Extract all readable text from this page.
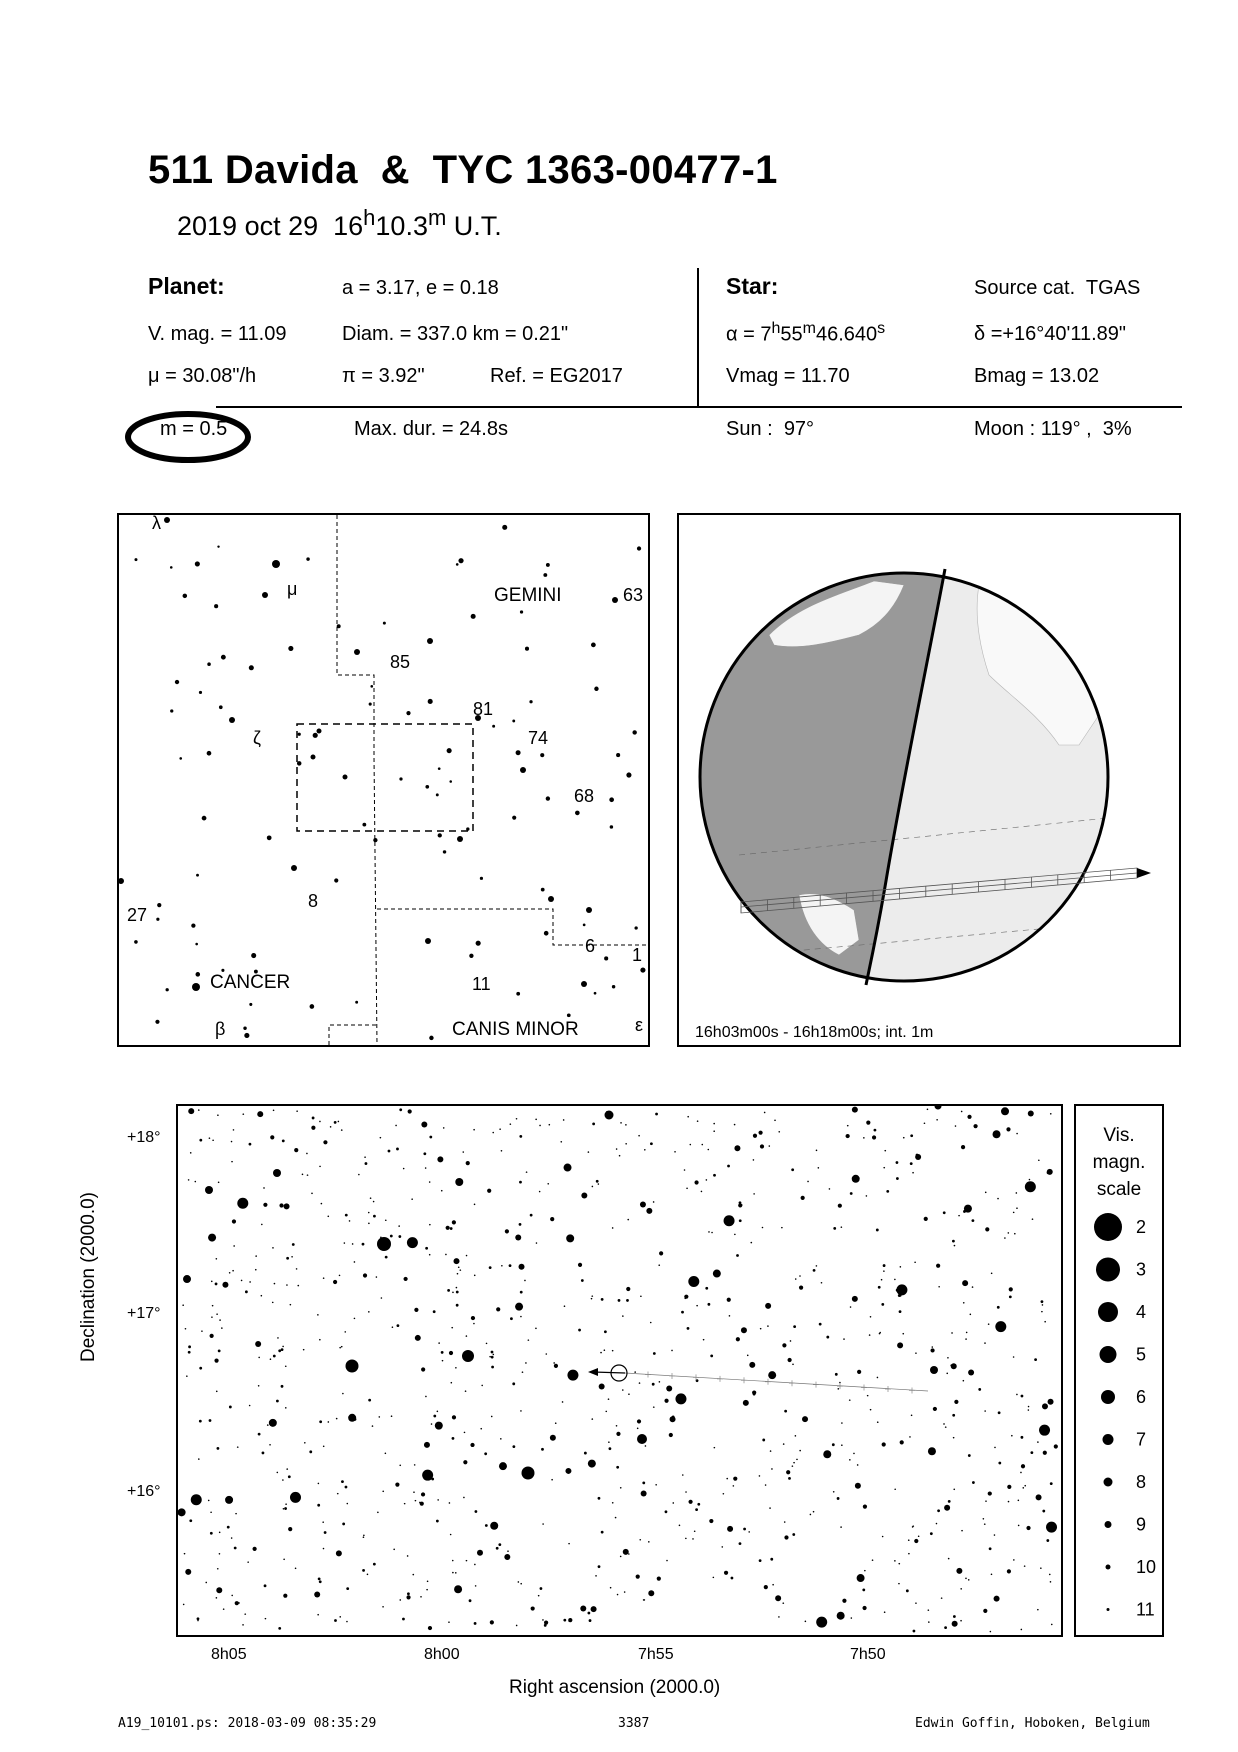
511 Davida  &  TYC 1363-00477-1
2019 oct 29  16$^h$10.3$^m$ U.T.
Planet:	a = 3.17, e = 0.18
V. mag. = 11.09	Diam. = 337.0 km = 0.21"
μ = 30.08"/h	π = 3.92"	Ref. = EG2017
Star:	Source cat.  TGAS
$\alpha = 7^h55^m46.640^s$	δ =+16°40'11.89"
Vmag = 11.70	Bmag = 13.02
m = 0.5	Max. dur. = 24.8s	Sun :  97°	Moon : 119° ,  3%
λ
μ	63
85
81
74
ζ
68
8
27
6 1
11
β	ε
GEMINI
CANCER
CANIS MINOR	16h03m00s - 16h18m00s; int. 1m

Declination (2000.0)

+18°
+17°
+16°
8h05	8h00	7h55	7h50
Right ascension (2000.0)
Vis.
magn.
scale
2
3
4
5
6
7
8
9
10
11
A19_10101.ps: 2018-03-09 08:35:29	3387	Edwin Goffin, Hoboken, Belgium
